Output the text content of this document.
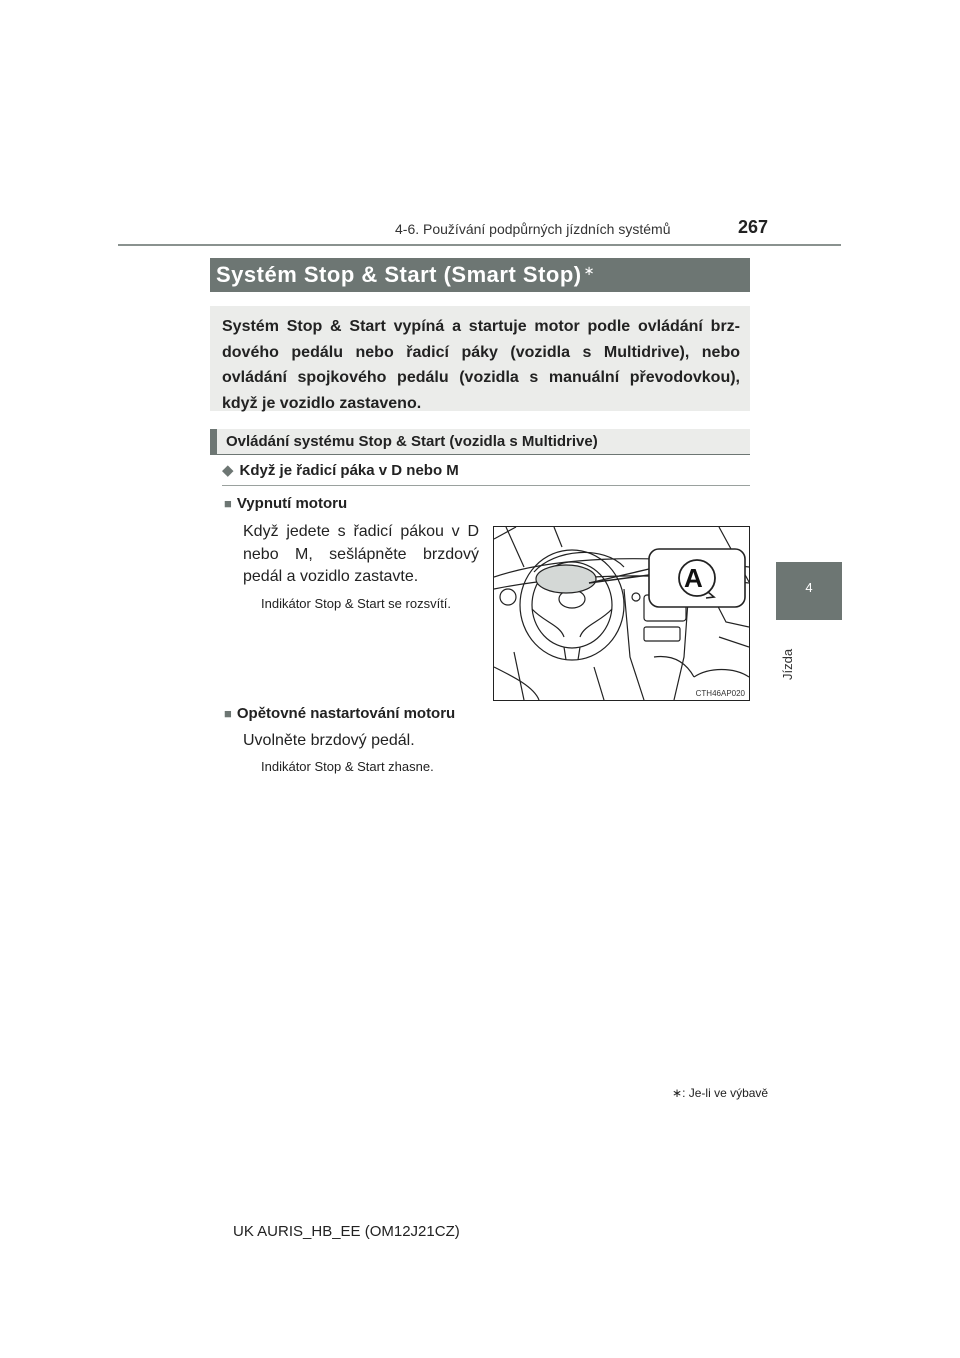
4-6. Používání podpůrných jízdních systémů	267
4
Jízda
Systém Stop & Start (Smart Stop) ∗
Systém Stop & Start vypíná a startuje motor podle ovládání brz-dového pedálu nebo řadicí páky (vozidla s Multidrive), nebo ovládání spojkového pedálu (vozidla s manuální převodovkou), když je vozidlo zastaveno.
Ovládání systému Stop & Start (vozidla s Multidrive)
◆ Když je řadicí páka v D nebo M
■ Vypnutí motoru
Když jedete s řadicí pákou v D nebo M, sešlápněte brzdový pedál a vozidlo zastavte.
Indikátor Stop & Start se rozsvítí.
A
CTH46AP020
■ Opětovné nastartování motoru
Uvolněte brzdový pedál.
Indikátor Stop & Start zhasne.
∗: Je-li ve výbavě
UK AURIS_HB_EE (OM12J21CZ)
